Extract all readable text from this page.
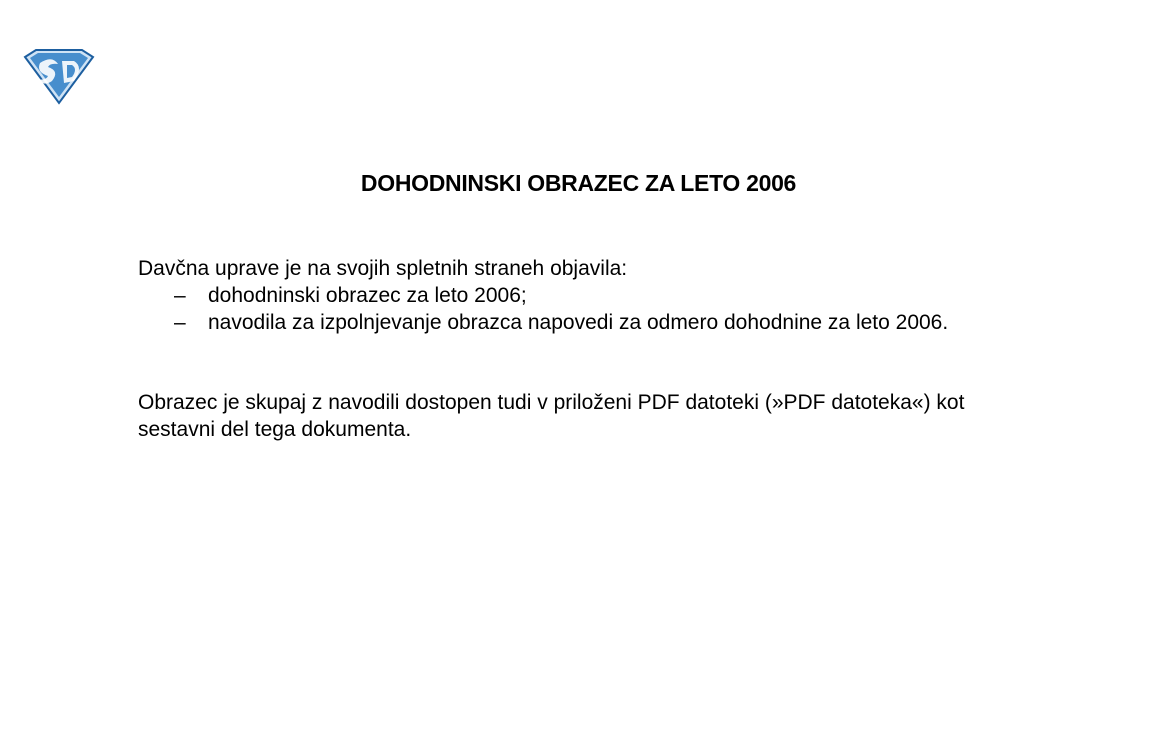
DOHODNINSKI OBRAZEC ZA LETO 2006

Davčna uprave je na svojih spletnih straneh objavila:

– dohodninski obrazec za leto 2006;
– navodila za izpolnjevanje obrazca napovedi za odmero dohodnine za leto 2006.

Obrazec je skupaj z navodili dostopen tudi v priloženi PDF datoteki (»PDF datoteka«) kot sestavni del tega dokumenta.
